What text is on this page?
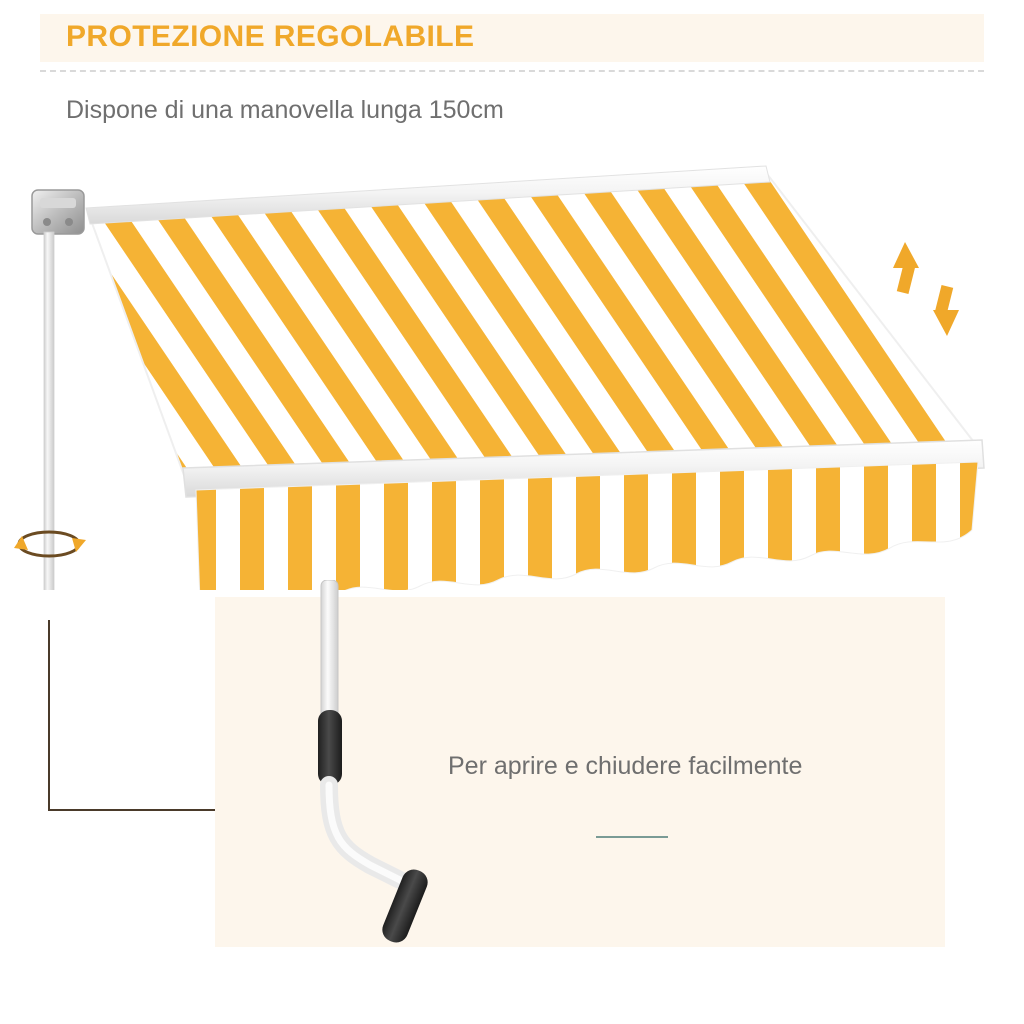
PROTEZIONE REGOLABILE
Dispone di una manovella lunga 150cm
Per aprire e chiudere facilmente
